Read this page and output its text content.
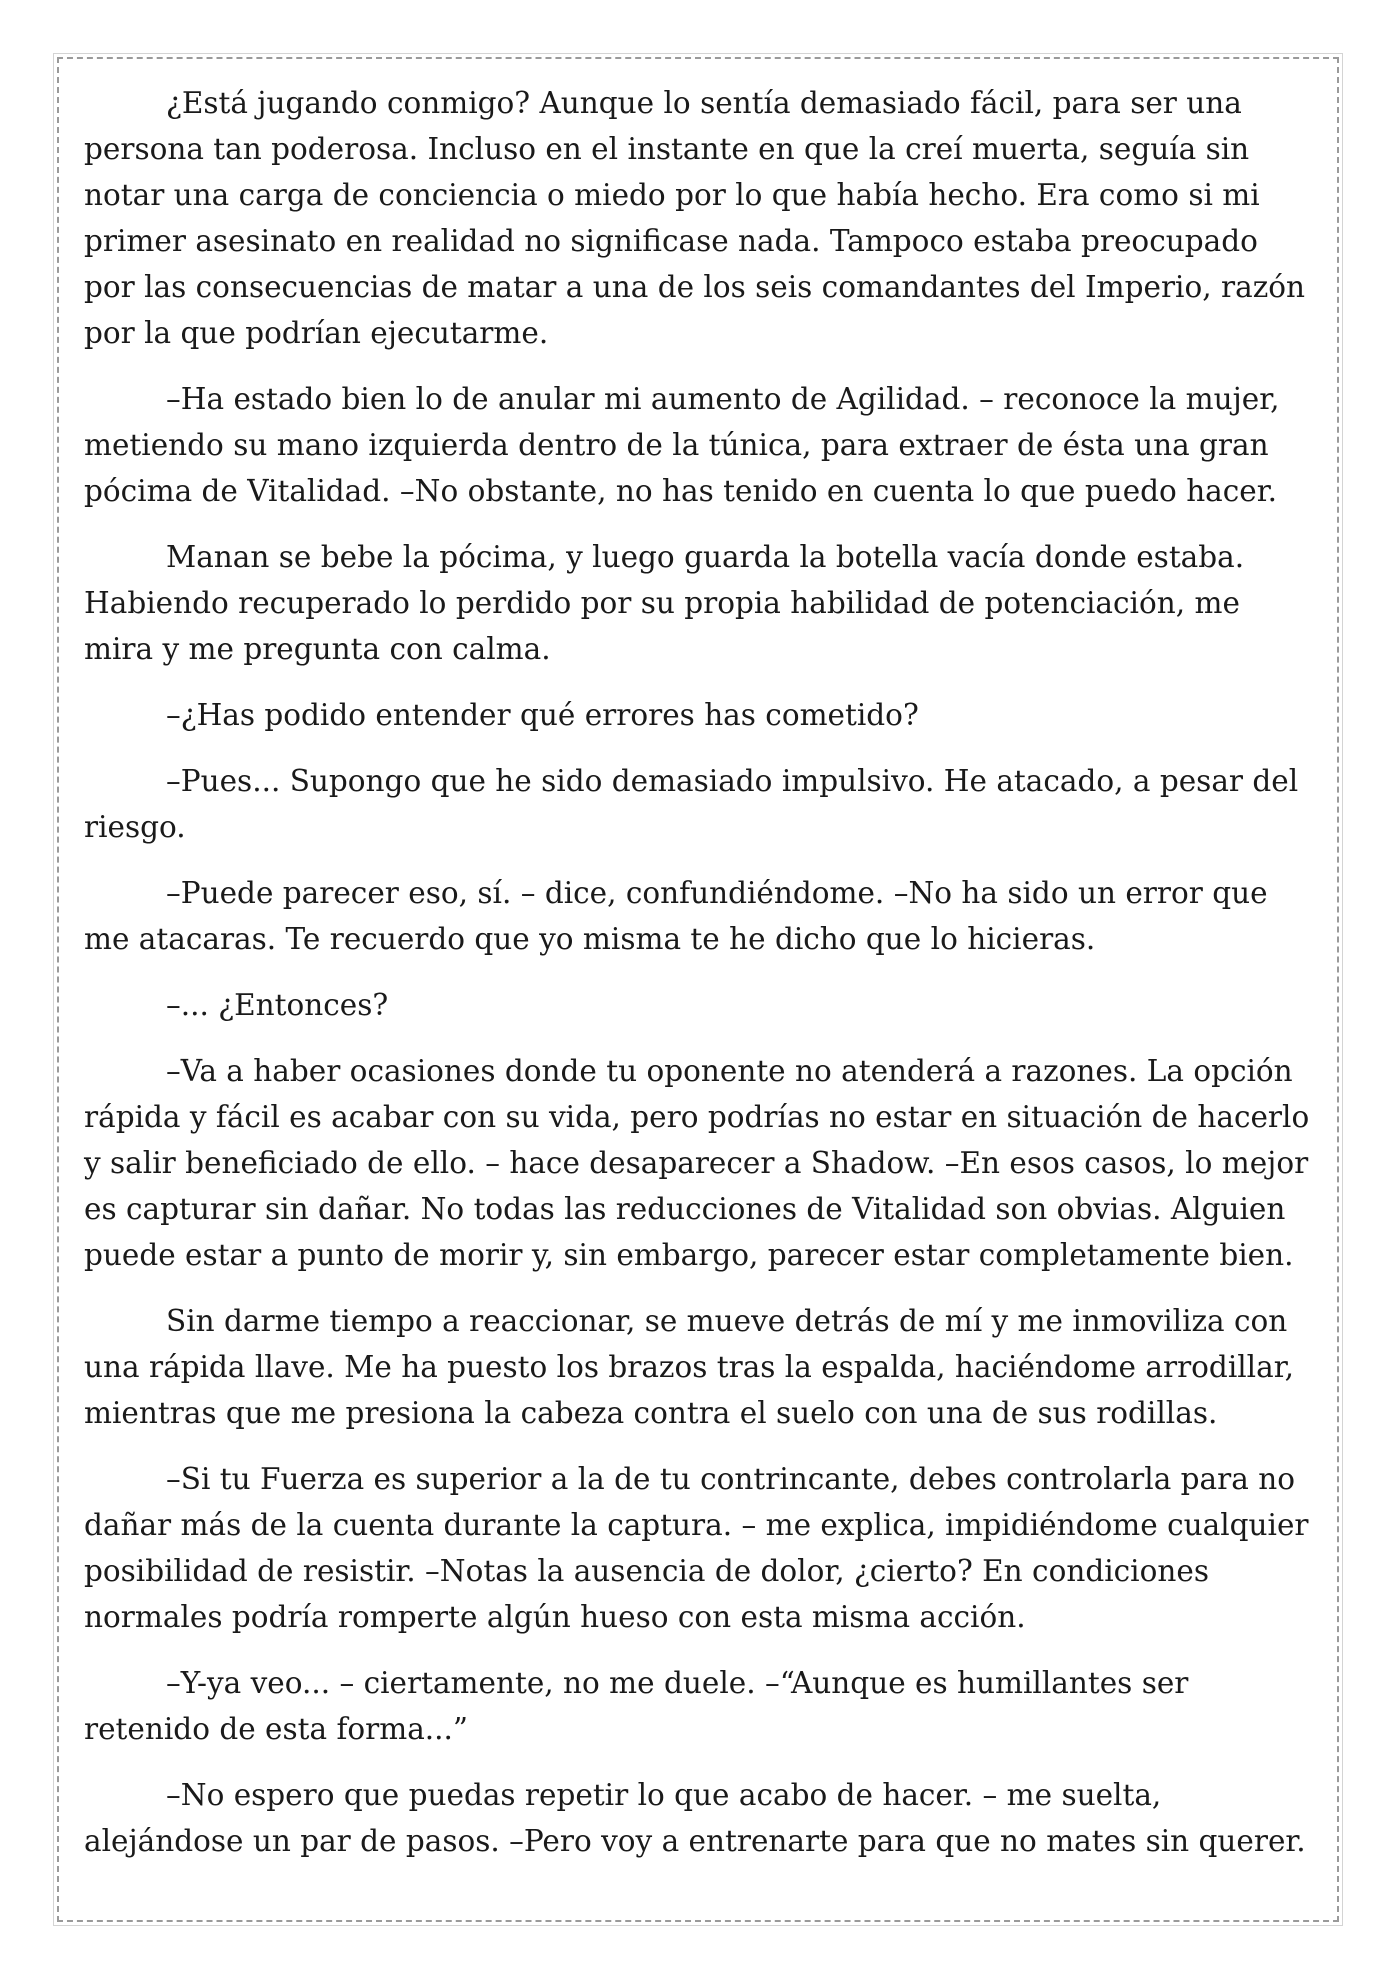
¿Está jugando conmigo? Aunque lo sentía demasiado fácil, para ser una persona tan poderosa. Incluso en el instante en que la creí muerta, seguía sin notar una carga de conciencia o miedo por lo que había hecho. Era como si mi primer asesinato en realidad no significase nada. Tampoco estaba preocupado por las consecuencias de matar a una de los seis comandantes del Imperio, razón por la que podrían ejecutarme.

–Ha estado bien lo de anular mi aumento de Agilidad. – reconoce la mujer, metiendo su mano izquierda dentro de la túnica, para extraer de ésta una gran pócima de Vitalidad. –No obstante, no has tenido en cuenta lo que puedo hacer.

Manan se bebe la pócima, y luego guarda la botella vacía donde estaba. Habiendo recuperado lo perdido por su propia habilidad de potenciación, me mira y me pregunta con calma.

–¿Has podido entender qué errores has cometido?

–Pues... Supongo que he sido demasiado impulsivo. He atacado, a pesar del riesgo.

–Puede parecer eso, sí. – dice, confundiéndome. –No ha sido un error que me atacaras. Te recuerdo que yo misma te he dicho que lo hicieras.

–... ¿Entonces?

–Va a haber ocasiones donde tu oponente no atenderá a razones. La opción rápida y fácil es acabar con su vida, pero podrías no estar en situación de hacerlo y salir beneficiado de ello. – hace desaparecer a Shadow. –En esos casos, lo mejor es capturar sin dañar. No todas las reducciones de Vitalidad son obvias. Alguien puede estar a punto de morir y, sin embargo, parecer estar completamente bien.

Sin darme tiempo a reaccionar, se mueve detrás de mí y me inmoviliza con una rápida llave. Me ha puesto los brazos tras la espalda, haciéndome arrodillar, mientras que me presiona la cabeza contra el suelo con una de sus rodillas.

–Si tu Fuerza es superior a la de tu contrincante, debes controlarla para no dañar más de la cuenta durante la captura. – me explica, impidiéndome cualquier posibilidad de resistir. –Notas la ausencia de dolor, ¿cierto? En condiciones normales podría romperte algún hueso con esta misma acción.

–Y-ya veo... – ciertamente, no me duele. –“Aunque es humillantes ser retenido de esta forma...”

–No espero que puedas repetir lo que acabo de hacer. – me suelta, alejándose un par de pasos. –Pero voy a entrenarte para que no mates sin querer.
